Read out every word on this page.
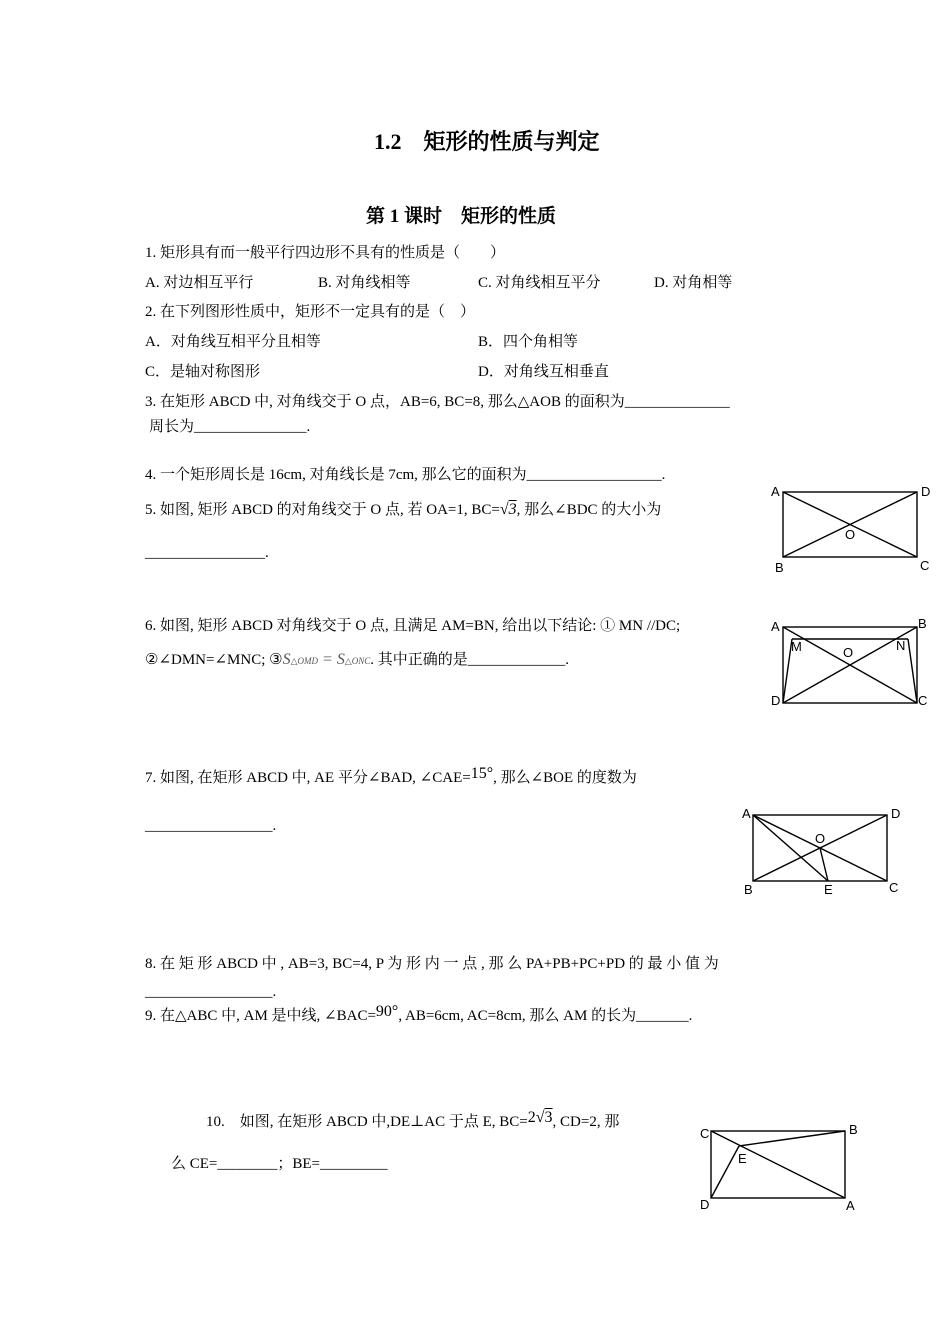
1.2　矩形的性质与判定
第 1 课时　矩形的性质
1. 矩形具有而一般平行四边形不具有的性质是（　　）
A. 对边相互平行	B. 对角线相等	C. 对角线相互平分	D. 对角相等
2. 在下列图形性质中，矩形不一定具有的是（　）
A．对角线互相平分且相等	B．四个角相等
C．是轴对称图形	D．对角线互相垂直
3. 在矩形 ABCD 中, 对角线交于 O 点，AB=6, BC=8, 那么△AOB 的面积为______________
周长为_______________.
4. 一个矩形周长是 16cm, 对角线长是 7cm, 那么它的面积为__________________.
5. 如图, 矩形 ABCD 的对角线交于 O 点, 若 OA=1, BC=√3, 那么∠BDC 的大小为
________________.
A	D
O
B	C
6. 如图, 矩形 ABCD 对角线交于 O 点, 且满足 AM=BN, 给出以下结论: ① MN //DC;
②∠DMN=∠MNC; ③S△OMD = S△ONC. 其中正确的是_____________.
A	B
M	O	N
D	C
7. 如图, 在矩形 ABCD 中, AE 平分∠BAD, ∠CAE=15°, 那么∠BOE 的度数为
_________________.
A	D
O
B	E	C
8. 在 矩 形 ABCD 中 , AB=3, BC=4, P 为 形 内 一 点 , 那 么 PA+PB+PC+PD 的 最 小 值 为
_________________.
9. 在△ABC 中, AM 是中线, ∠BAC=90°, AB=6cm, AC=8cm, 那么 AM 的长为_______.
10.　如图, 在矩形 ABCD 中,DE⊥AC 于点 E, BC=2√3, CD=2, 那
么 CE=________；BE=_________
C	B
E
D	A
